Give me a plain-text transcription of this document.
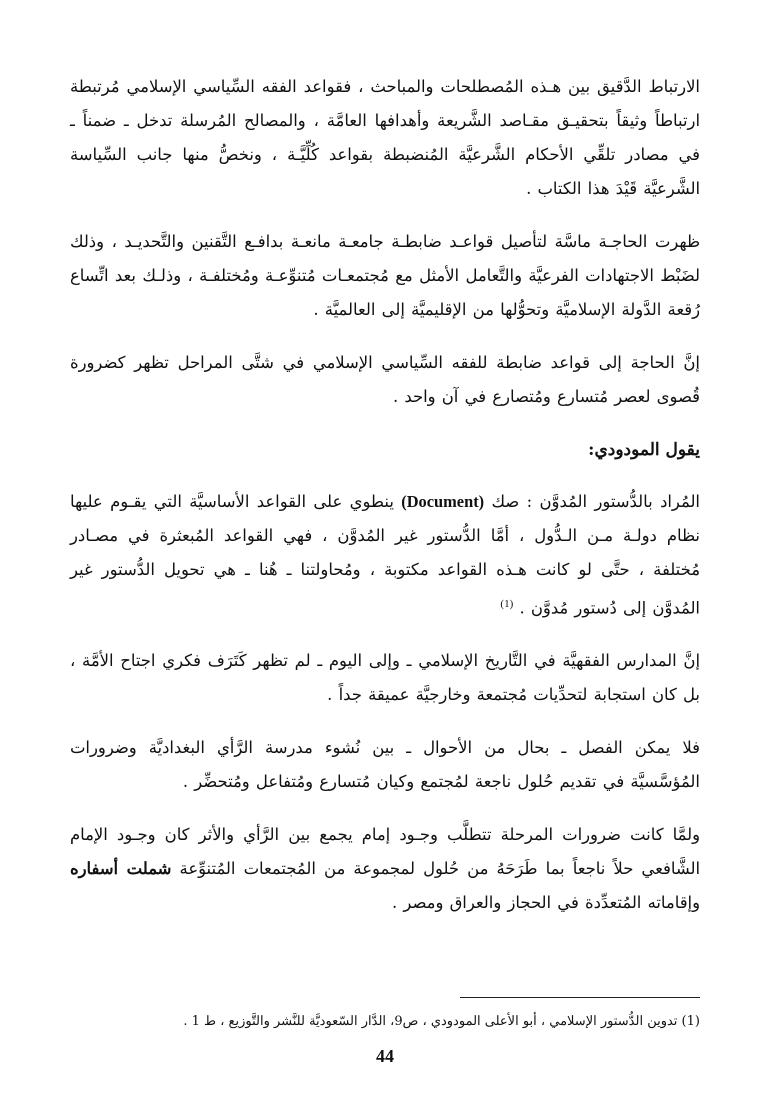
الارتباط الدَّقيق بين هـذه المُصطلحات والمباحث ، فقواعد الفقه السِّياسي الإسلامي مُرتبطة ارتباطاً وثيقاً بتحقيـق مقـاصد الشَّريعة وأهدافها العامَّة ، والمصالح المُرسلة تدخل ـ ضمناً ـ في مصادر تلقِّي الأحكام الشَّرعيَّة المُنضبطة بقواعد كُلِّيَّـة ، ونخصُّ منها جانب السِّياسة الشَّرعيَّة قَيْدَ هذا الكتاب .

ظهرت الحاجـة ماسَّة لتأصيل قواعـد ضابطـة جامعـة مانعـة بدافـع التَّقنين والتَّحديـد ، وذلك لضَبْط الاجتهادات الفرعيَّة والتَّعامل الأمثل مع مُجتمعـات مُتنوِّعـة ومُختلفـة ، وذلـك بعد اتِّساع رُقعة الدَّولة الإسلاميَّة وتحوُّلها من الإقليميَّة إلى العالميَّة .

إنَّ الحاجة إلى قواعد ضابطة للفقه السِّياسي الإسلامي في شتَّى المراحل تظهر كضرورة قُصوى لعصر مُتسارع ومُتصارع في آن واحد .

يقول المودودي:

المُراد بالدُّستور المُدوَّن : صك (Document) ينطوي على القواعد الأساسيَّة التي يقـوم عليها نظام دولـة مـن الـدُّول ، أمَّا الدُّستور غير المُدوَّن ، فهي القواعد المُبعثرة في مصـادر مُختلفة ، حتَّى لو كانت هـذه القواعد مكتوبة ، ومُحاولتنا ـ هُنا ـ هي تحويل الدُّستور غير المُدوَّن إلى دُستور مُدوَّن . $^{(1)}$

إنَّ المدارس الفقهيَّة في التَّاريخ الإسلامي ـ وإلى اليوم ـ لم تظهر كَتَرَف فكري اجتاح الأمَّة ، بل كان استجابة لتحدِّيات مُجتمعة وخارجيَّة عميقة جداً .

فلا يمكن الفصل ـ بحال من الأحوال ـ بين نُشوء مدرسة الرَّأي البغداديَّة وضرورات المُؤسَّسيَّة في تقديم حُلول ناجعة لمُجتمع وكيان مُتسارع ومُتفاعل ومُتحضِّر .

ولمَّا كانت ضرورات المرحلة تتطلَّب وجـود إمام يجمع بين الرَّأي والأثر كان وجـود الإمام الشَّافعي حلاً ناجعاً بما طَرَحَهُ من حُلول لمجموعة من المُجتمعات المُتنوِّعة شملت أسفاره وإقاماته المُتعدِّدة في الحجاز والعراق ومصر .

(1) تدوين الدُّستور الإسلامي ، أبو الأعلى المودودي ، ص9، الدَّار السّعوديَّة للنَّشر والتَّوزيع ، ط 1 .
44
